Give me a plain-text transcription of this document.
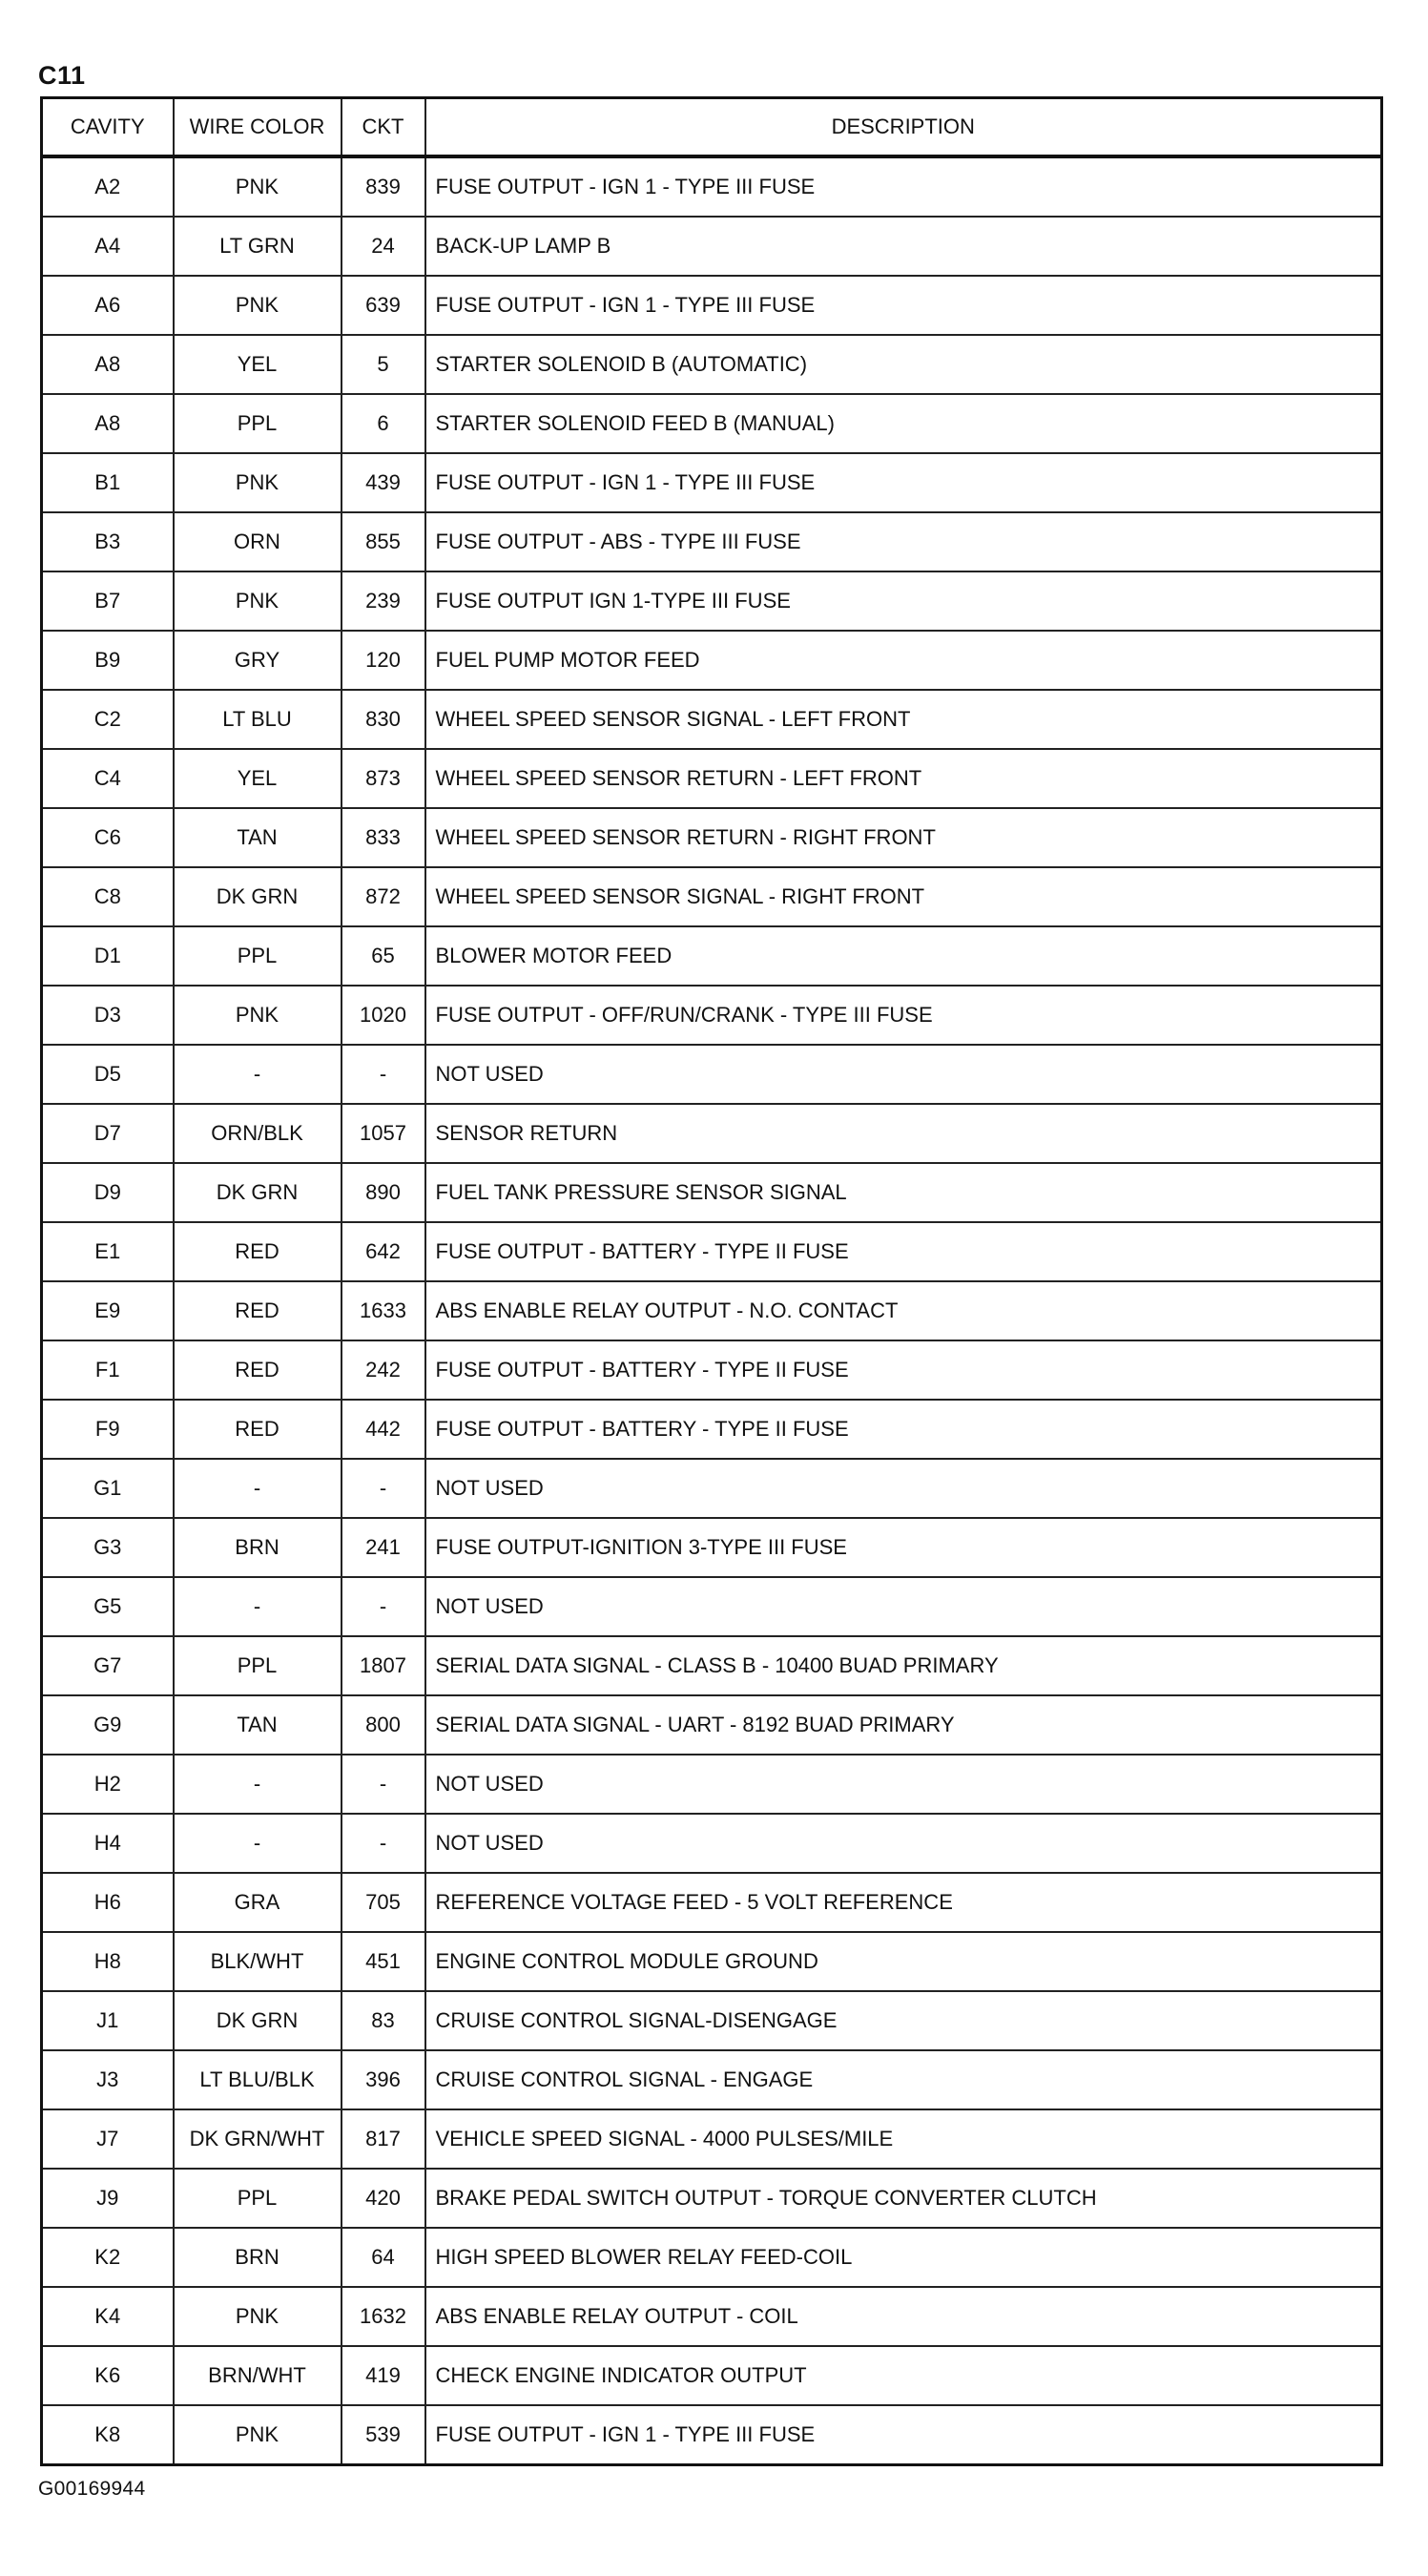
C11
CAVITY	WIRE COLOR	CKT	DESCRIPTION
A2	PNK	839	FUSE OUTPUT - IGN 1 - TYPE III FUSE
A4	LT GRN	24	BACK-UP LAMP B
A6	PNK	639	FUSE OUTPUT - IGN 1 - TYPE III FUSE
A8	YEL	5	STARTER SOLENOID B (AUTOMATIC)
A8	PPL	6	STARTER SOLENOID FEED B (MANUAL)
B1	PNK	439	FUSE OUTPUT - IGN 1 - TYPE III FUSE
B3	ORN	855	FUSE OUTPUT - ABS - TYPE III FUSE
B7	PNK	239	FUSE OUTPUT IGN 1-TYPE III FUSE
B9	GRY	120	FUEL PUMP MOTOR FEED
C2	LT BLU	830	WHEEL SPEED SENSOR SIGNAL - LEFT FRONT
C4	YEL	873	WHEEL SPEED SENSOR RETURN - LEFT FRONT
C6	TAN	833	WHEEL SPEED SENSOR RETURN - RIGHT FRONT
C8	DK GRN	872	WHEEL SPEED SENSOR SIGNAL - RIGHT FRONT
D1	PPL	65	BLOWER MOTOR FEED
D3	PNK	1020	FUSE OUTPUT - OFF/RUN/CRANK - TYPE III FUSE
D5	-	-	NOT USED
D7	ORN/BLK	1057	SENSOR RETURN
D9	DK GRN	890	FUEL TANK PRESSURE SENSOR SIGNAL
E1	RED	642	FUSE OUTPUT - BATTERY - TYPE II FUSE
E9	RED	1633	ABS ENABLE RELAY OUTPUT - N.O. CONTACT
F1	RED	242	FUSE OUTPUT - BATTERY - TYPE II FUSE
F9	RED	442	FUSE OUTPUT - BATTERY - TYPE II FUSE
G1	-	-	NOT USED
G3	BRN	241	FUSE OUTPUT-IGNITION 3-TYPE III FUSE
G5	-	-	NOT USED
G7	PPL	1807	SERIAL DATA SIGNAL - CLASS B - 10400 BUAD PRIMARY
G9	TAN	800	SERIAL DATA SIGNAL - UART - 8192 BUAD PRIMARY
H2	-	-	NOT USED
H4	-	-	NOT USED
H6	GRA	705	REFERENCE VOLTAGE FEED - 5 VOLT REFERENCE
H8	BLK/WHT	451	ENGINE CONTROL MODULE GROUND
J1	DK GRN	83	CRUISE CONTROL SIGNAL-DISENGAGE
J3	LT BLU/BLK	396	CRUISE CONTROL SIGNAL - ENGAGE
J7	DK GRN/WHT	817	VEHICLE SPEED SIGNAL - 4000 PULSES/MILE
J9	PPL	420	BRAKE PEDAL SWITCH OUTPUT - TORQUE CONVERTER CLUTCH
K2	BRN	64	HIGH SPEED BLOWER RELAY FEED-COIL
K4	PNK	1632	ABS ENABLE RELAY OUTPUT - COIL
K6	BRN/WHT	419	CHECK ENGINE INDICATOR OUTPUT
K8	PNK	539	FUSE OUTPUT - IGN 1 - TYPE III FUSE
G00169944
